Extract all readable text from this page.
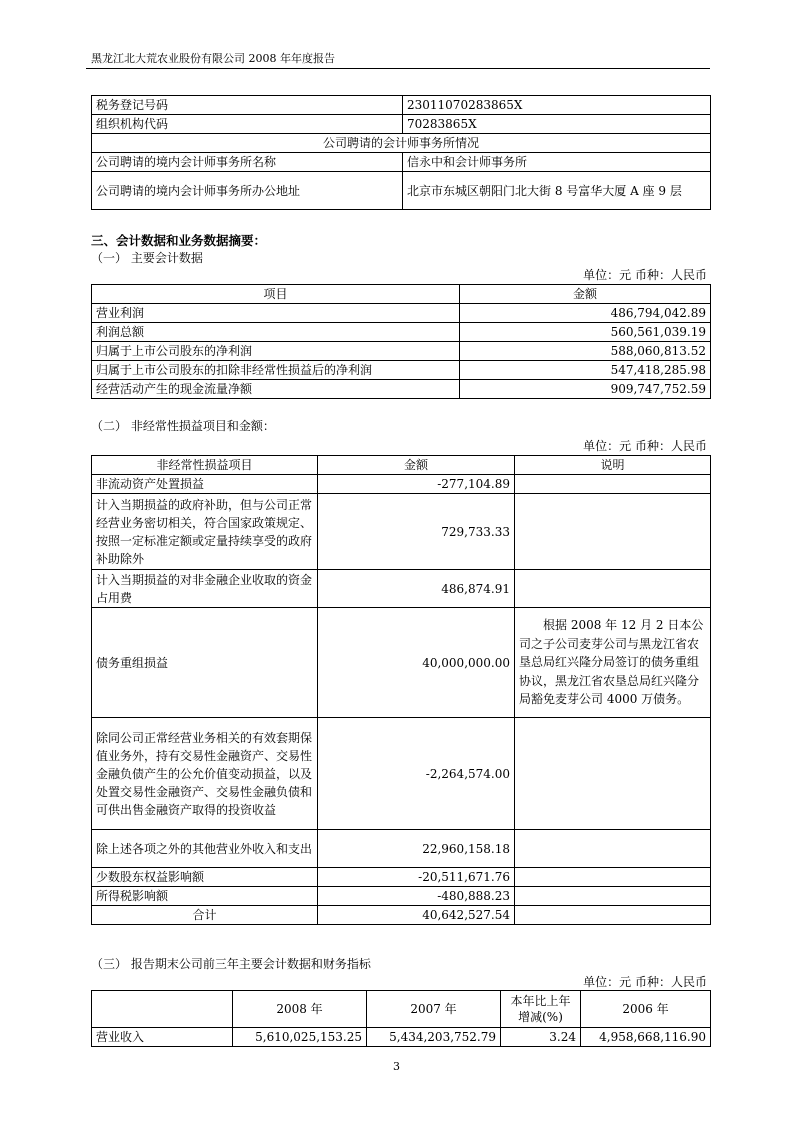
黑龙江北大荒农业股份有限公司 2008 年年度报告
税务登记号码	23011070283865X
组织机构代码	70283865X
公司聘请的会计师事务所情况	
公司聘请的境内会计师事务所名称	信永中和会计师事务所
公司聘请的境内会计师事务所办公地址	北京市东城区朝阳门北大街 8 号富华大厦 A 座 9 层
三、会计数据和业务数据摘要：
（一） 主要会计数据
单位：元 币种：人民币
项目	金额
营业利润	486,794,042.89
利润总额	560,561,039.19
归属于上市公司股东的净利润	588,060,813.52
归属于上市公司股东的扣除非经常性损益后的净利润	547,418,285.98
经营活动产生的现金流量净额	909,747,752.59
（二） 非经常性损益项目和金额：
单位：元 币种：人民币
非经常性损益项目	金额	说明
非流动资产处置损益	-277,104.89	
计入当期损益的政府补助，但与公司正常经营业务密切相关，符合国家政策规定、按照一定标准定额或定量持续享受的政府补助除外	729,733.33	
计入当期损益的对非金融企业收取的资金占用费	486,874.91	
债务重组损益	40,000,000.00	根据 2008 年 12 月 2 日本公司之子公司麦芽公司与黑龙江省农垦总局红兴隆分局签订的债务重组协议，黑龙江省农垦总局红兴隆分局豁免麦芽公司 4000 万债务。
除同公司正常经营业务相关的有效套期保值业务外，持有交易性金融资产、交易性金融负债产生的公允价值变动损益，以及处置交易性金融资产、交易性金融负债和可供出售金融资产取得的投资收益	-2,264,574.00	
除上述各项之外的其他营业外收入和支出	22,960,158.18	
少数股东权益影响额	-20,511,671.76	
所得税影响额	-480,888.23	
合计	40,642,527.54	
（三） 报告期末公司前三年主要会计数据和财务指标
单位：元 币种：人民币
	2008 年	2007 年	本年比上年增减(%)	2006 年
营业收入	5,610,025,153.25	5,434,203,752.79	3.24	4,958,668,116.90
3
